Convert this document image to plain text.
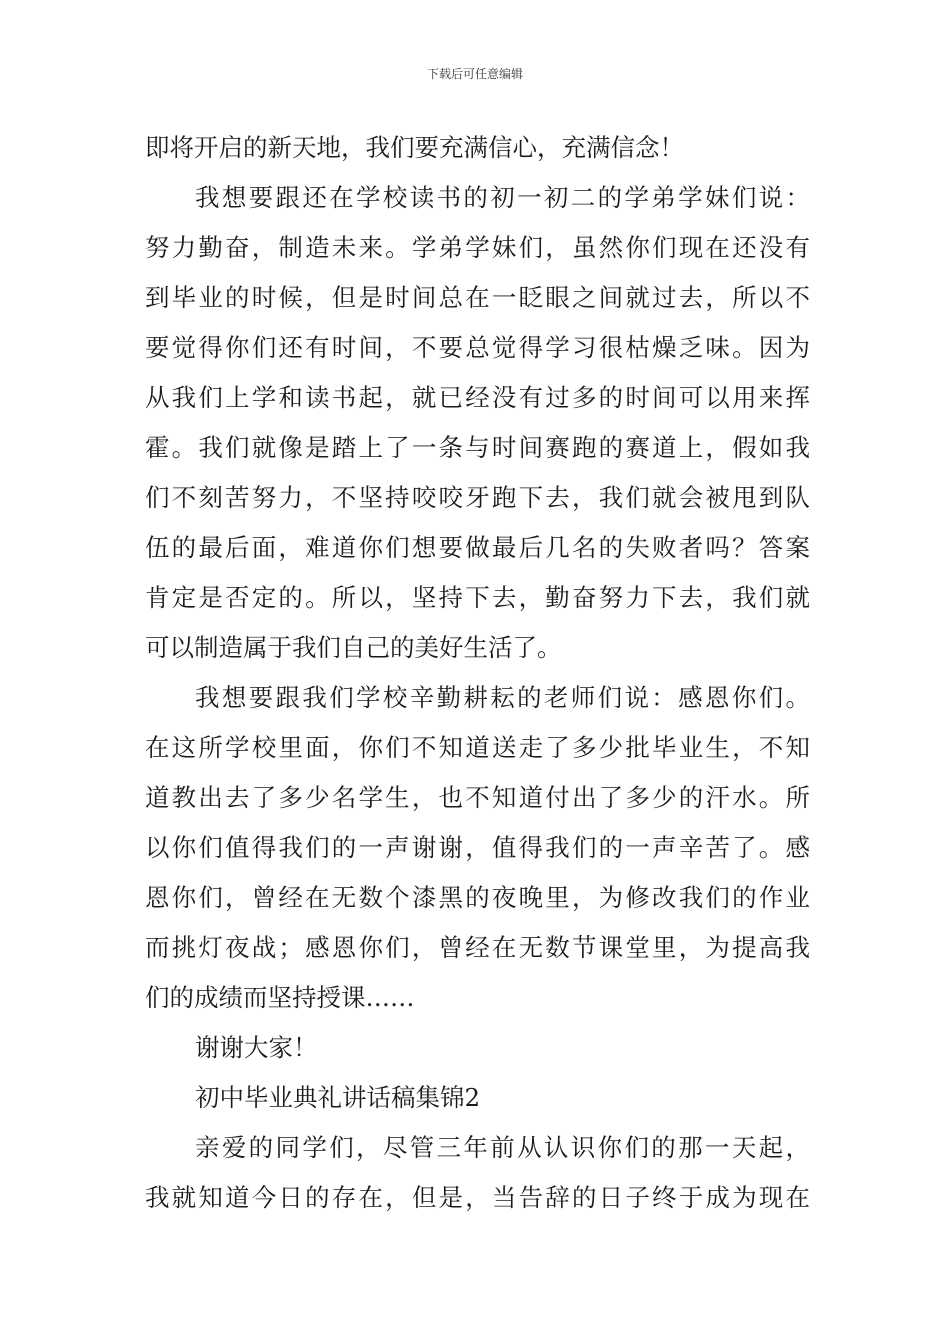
下载后可任意编辑
即将开启的新天地，我们要充满信心，充满信念！
我想要跟还在学校读书的初一初二的学弟学妹们说：
努力勤奋，制造未来。学弟学妹们，虽然你们现在还没有
到毕业的时候，但是时间总在一眨眼之间就过去，所以不
要觉得你们还有时间，不要总觉得学习很枯燥乏味。因为
从我们上学和读书起，就已经没有过多的时间可以用来挥
霍。我们就像是踏上了一条与时间赛跑的赛道上，假如我
们不刻苦努力，不坚持咬咬牙跑下去，我们就会被甩到队
伍的最后面，难道你们想要做最后几名的失败者吗？答案
肯定是否定的。所以，坚持下去，勤奋努力下去，我们就
可以制造属于我们自己的美好生活了。
我想要跟我们学校辛勤耕耘的老师们说：感恩你们。
在这所学校里面，你们不知道送走了多少批毕业生，不知
道教出去了多少名学生，也不知道付出了多少的汗水。所
以你们值得我们的一声谢谢，值得我们的一声辛苦了。感
恩你们，曾经在无数个漆黑的夜晚里，为修改我们的作业
而挑灯夜战；感恩你们，曾经在无数节课堂里，为提高我
们的成绩而坚持授课……
谢谢大家！
初中毕业典礼讲话稿集锦2
亲爱的同学们，尽管三年前从认识你们的那一天起，
我就知道今日的存在，但是，当告辞的日子终于成为现在
